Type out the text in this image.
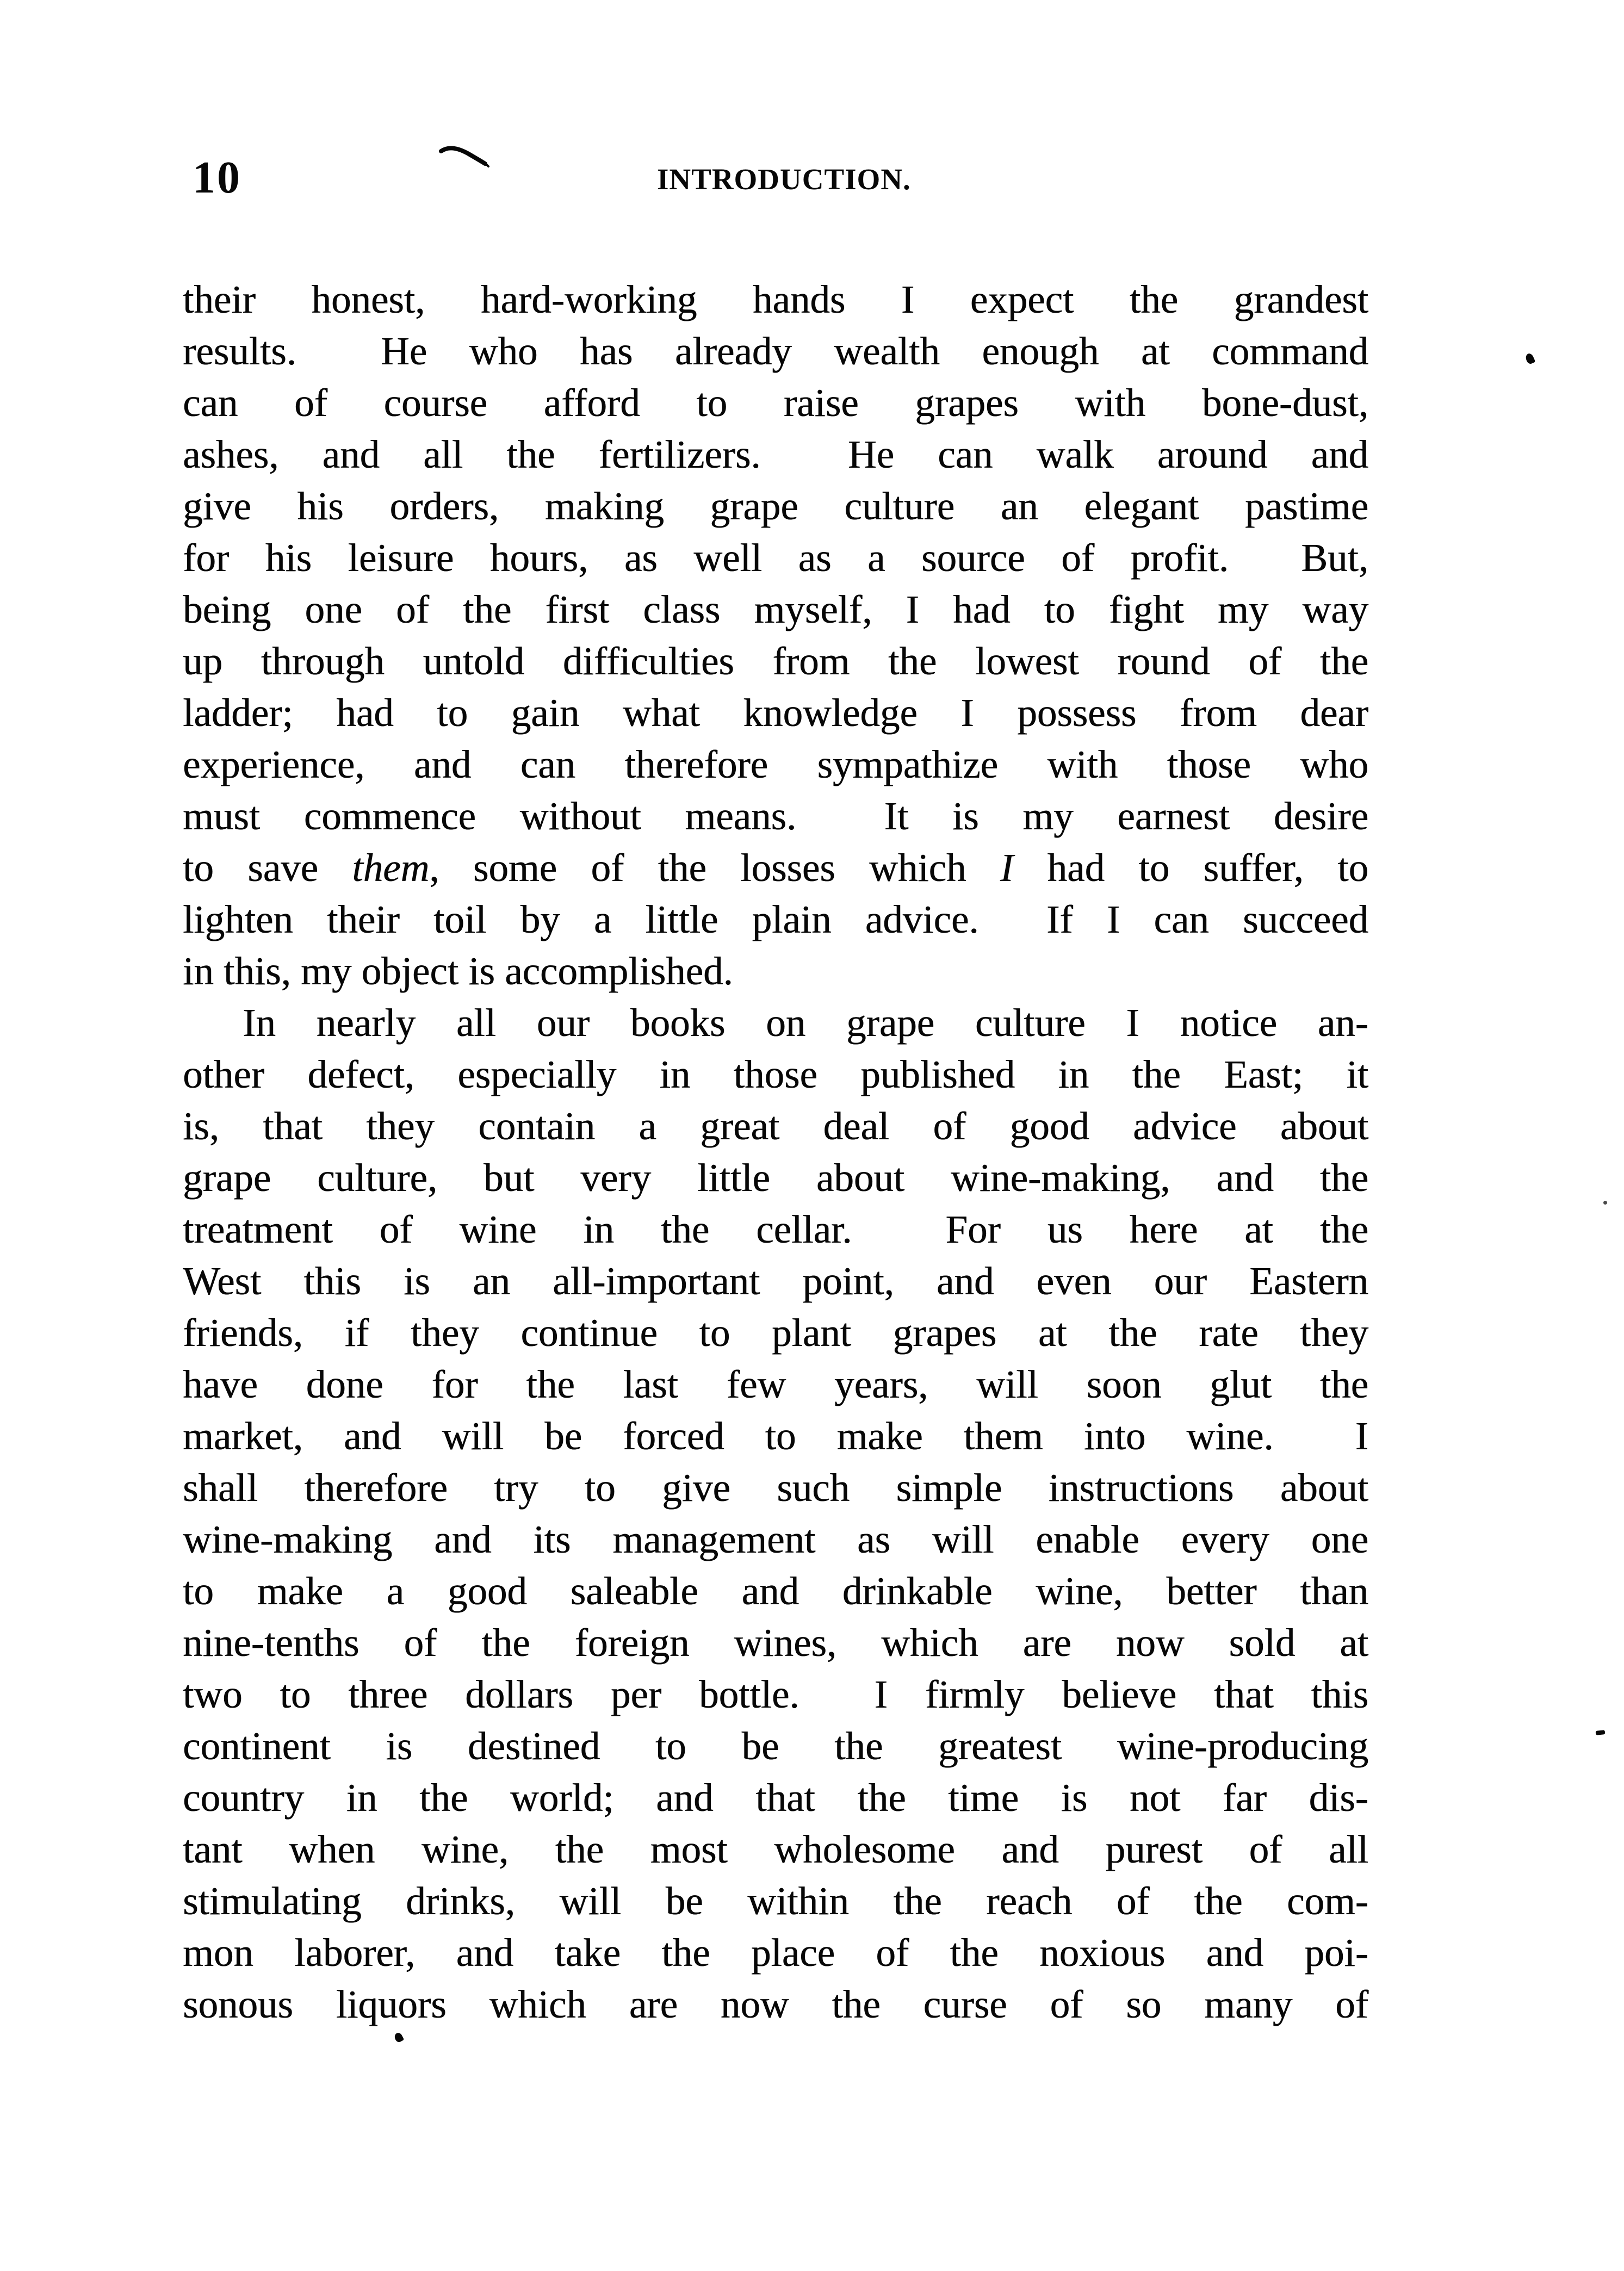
10	INTRODUCTION.
their honest, hard-working hands I expect the grandest
results.  He who has already wealth enough at command
can of course afford to raise grapes with bone-dust,
ashes, and all the fertilizers.  He can walk around and
give his orders, making grape culture an elegant pastime
for his leisure hours, as well as a source of profit.  But,
being one of the first class myself, I had to fight my way
up through untold difficulties from the lowest round of the
ladder; had to gain what knowledge I possess from dear
experience, and can therefore sympathize with those who
must commence without means.  It is my earnest desire
to save them, some of the losses which I had to suffer, to
lighten their toil by a little plain advice.  If I can succeed
in this, my object is accomplished.
In nearly all our books on grape culture I notice an-
other defect, especially in those published in the East; it
is, that they contain a great deal of good advice about
grape culture, but very little about wine-making, and the
treatment of wine in the cellar.  For us here at the
West this is an all-important point, and even our Eastern
friends, if they continue to plant grapes at the rate they
have done for the last few years, will soon glut the
market, and will be forced to make them into wine.  I
shall therefore try to give such simple instructions about
wine-making and its management as will enable every one
to make a good saleable and drinkable wine, better than
nine-tenths of the foreign wines, which are now sold at
two to three dollars per bottle.  I firmly believe that this
continent is destined to be the greatest wine-producing
country in the world; and that the time is not far dis-
tant when wine, the most wholesome and purest of all
stimulating drinks, will be within the reach of the com-
mon laborer, and take the place of the noxious and poi-
sonous liquors which are now the curse of so many of
